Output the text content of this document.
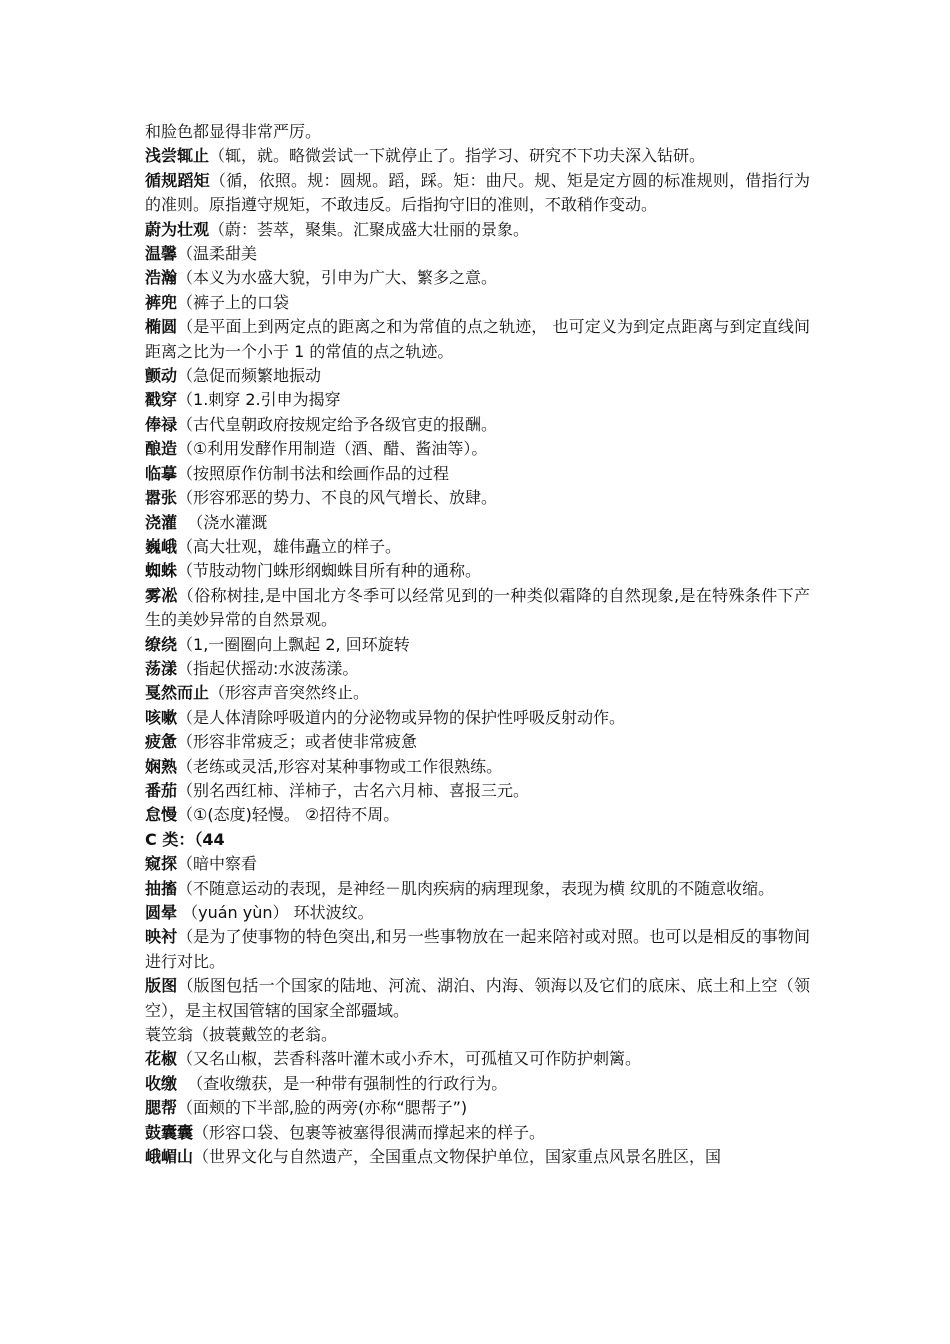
和脸色都显得非常严厉。
浅尝辄止（辄，就。略微尝试一下就停止了。指学习、研究不下功夫深入钻研。
循规蹈矩（循，依照。规：圆规。蹈，踩。矩：曲尺。规、矩是定方圆的标准规则，借指行为的准则。原指遵守规矩，不敢违反。后指拘守旧的准则，不敢稍作变动。
蔚为壮观（蔚：荟萃，聚集。汇聚成盛大壮丽的景象。
温馨（温柔甜美
浩瀚（本义为水盛大貌，引申为广大、繁多之意。
裤兜（裤子上的口袋
椭圆（是平面上到两定点的距离之和为常值的点之轨迹， 也可定义为到定点距离与到定直线间距离之比为一个小于 1 的常值的点之轨迹。
颤动（急促而频繁地振动
戳穿（1.刺穿 2.引申为揭穿
俸禄（古代皇朝政府按规定给予各级官吏的报酬。
酿造（①利用发酵作用制造（酒、醋、酱油等）。
临摹（按照原作仿制书法和绘画作品的过程
嚣张（形容邪恶的势力、不良的风气增长、放肆。
浇灌  （浇水灌溉
巍峨（高大壮观，雄伟矗立的样子。
蜘蛛（节肢动物门蛛形纲蜘蛛目所有种的通称。
雾凇（俗称树挂,是中国北方冬季可以经常见到的一种类似霜降的自然现象,是在特殊条件下产生的美妙异常的自然景观。
缭绕（1,一圈圈向上飘起 2, 回环旋转
荡漾（指起伏摇动:水波荡漾。
戛然而止（形容声音突然终止。
咳嗽（是人体清除呼吸道内的分泌物或异物的保护性呼吸反射动作。
疲惫（形容非常疲乏；或者使非常疲惫
娴熟（老练或灵活,形容对某种事物或工作很熟练。
番茄（别名西红柿、洋柿子，古名六月柿、喜报三元。
怠慢（①(态度)轻慢。 ②招待不周。
C 类：（44
窥探（暗中察看
抽搐（不随意运动的表现，是神经－肌肉疾病的病理现象，表现为横 纹肌的不随意收缩。
圆晕 （yuán yùn） 环状波纹。
映衬（是为了使事物的特色突出,和另一些事物放在一起来陪衬或对照。也可以是相反的事物间进行对比。
版图（版图包括一个国家的陆地、河流、湖泊、内海、领海以及它们的底床、底土和上空（领空），是主权国管辖的国家全部疆域。
蓑笠翁（披蓑戴笠的老翁。
花椒（又名山椒，芸香科落叶灌木或小乔木，可孤植又可作防护刺篱。
收缴  （查收缴获，是一种带有强制性的行政行为。
腮帮（面颊的下半部,脸的两旁(亦称“腮帮子”)
鼓囊囊（形容口袋、包裹等被塞得很满而撑起来的样子。
峨嵋山（世界文化与自然遗产，全国重点文物保护单位，国家重点风景名胜区，国
